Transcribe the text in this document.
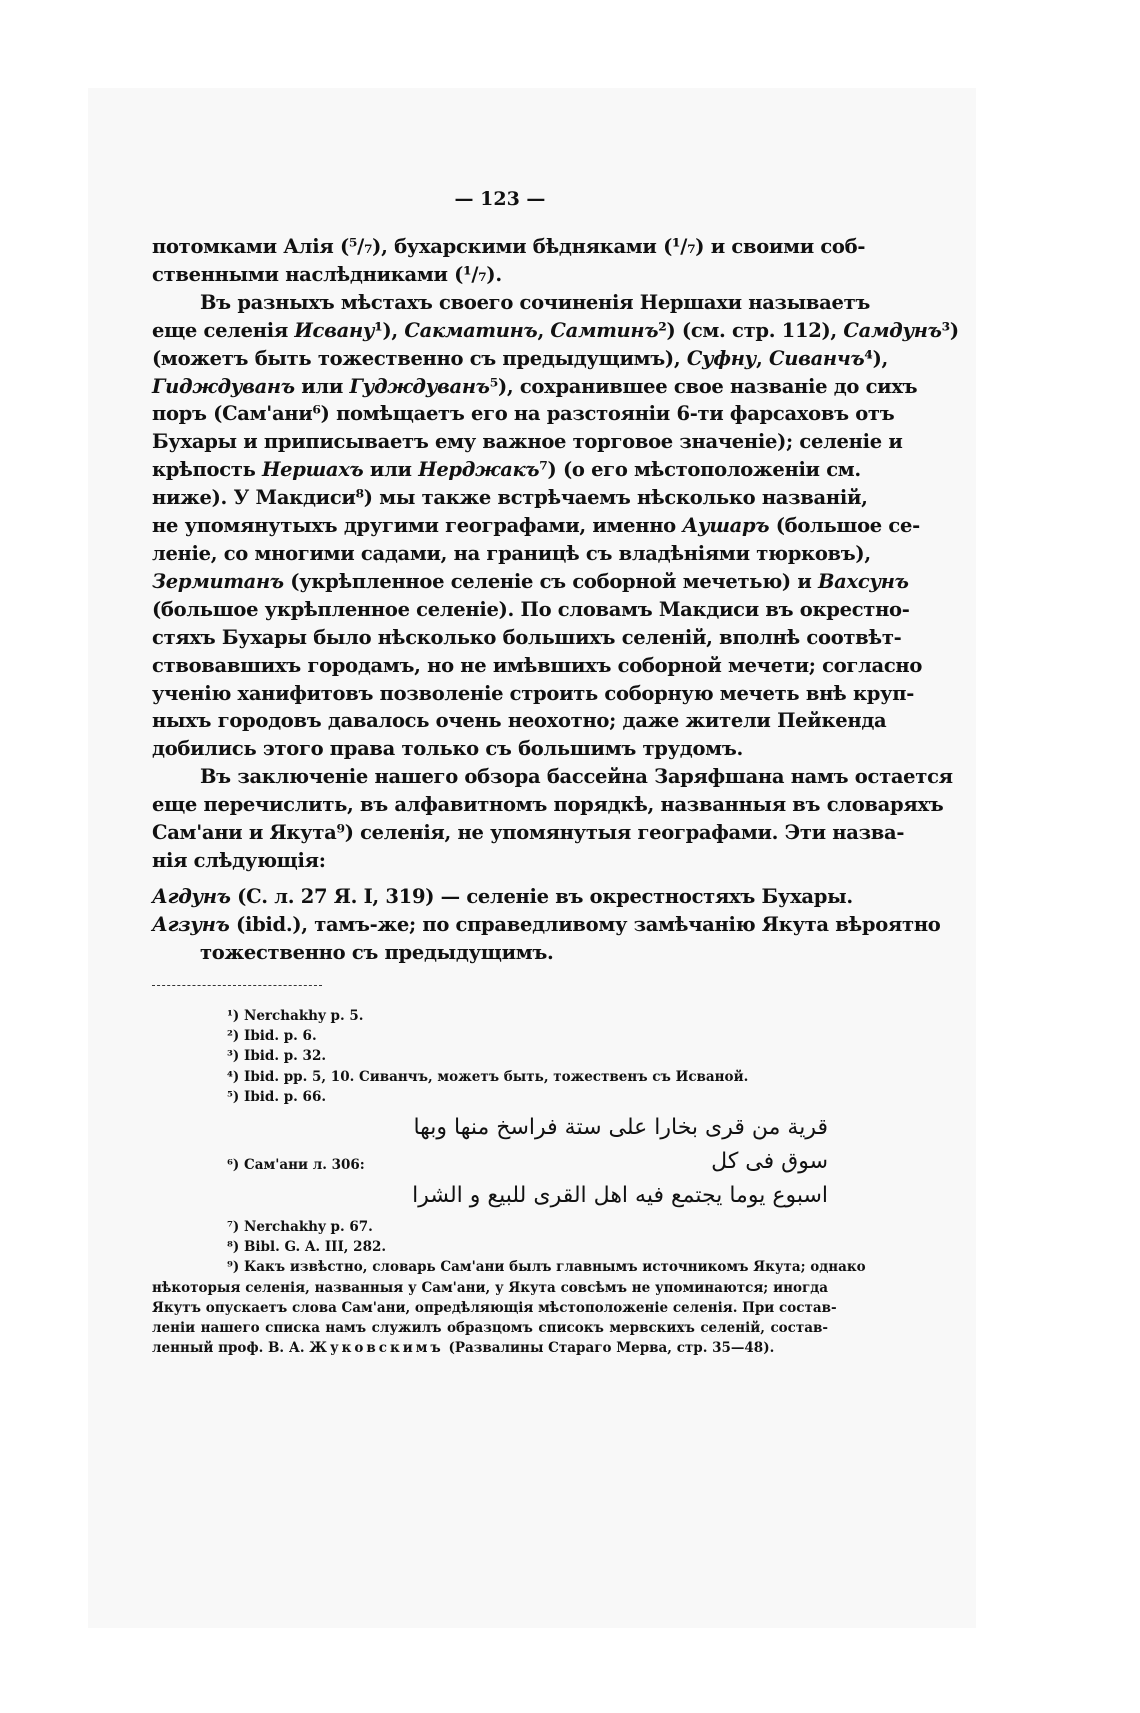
— 123 —
потомками Алія (⁵/₇), бухарскими бѣдняками (¹/₇) и своими соб-
ственными наслѣдниками (¹/₇).
Въ разныхъ мѣстахъ своего сочиненія Нершахи называетъ
еще селенія Исвану¹), Сакматинъ, Самтинъ²) (см. стр. 112), Самдунъ³)
(можетъ быть тожественно съ предыдущимъ), Суфну, Сиванчъ⁴),
Гидждуванъ или Гудждуванъ⁵), сохранившее свое названіе до сихъ
поръ (Сам'ани⁶) помѣщаетъ его на разстояніи 6-ти фарсаховъ отъ
Бухары и приписываетъ ему важное торговое значеніе); селеніе и
крѣпость Нершахъ или Нерджакъ⁷) (о его мѣстоположеніи см.
ниже). У Макдиси⁸) мы также встрѣчаемъ нѣсколько названій,
не упомянутыхъ другими географами, именно Аушаръ (большое се-
леніе, со многими садами, на границѣ съ владѣніями тюрковъ),
Зермитанъ (укрѣпленное селеніе съ соборной мечетью) и Вахсунъ
(большое укрѣпленное селеніе). По словамъ Макдиси въ окрестно-
стяхъ Бухары было нѣсколько большихъ селеній, вполнѣ соотвѣт-
ствовавшихъ городамъ, но не имѣвшихъ соборной мечети; согласно
ученію ханифитовъ позволеніе строить соборную мечеть внѣ круп-
ныхъ городовъ давалось очень неохотно; даже жители Пейкенда
добились этого права только съ большимъ трудомъ.
Въ заключеніе нашего обзора бассейна Заряфшана намъ остается
еще перечислить, въ алфавитномъ порядкѣ, названныя въ словаряхъ
Сам'ани и Якута⁹) селенія, не упомянутыя географами. Эти назва-
нія слѣдующія:
Агдунъ (С. л. 27 Я. I, 319) — селеніе въ окрестностяхъ Бухары.
Агзунъ (ibid.), тамъ-же; по справедливому замѣчанію Якута вѣроятно
тожественно съ предыдущимъ.
¹) Nerchakhy p. 5.
²) Ibid. p. 6.
³) Ibid. p. 32.
⁴) Ibid. pp. 5, 10. Сиванчъ, можетъ быть, тожественъ съ Исваной.
⁵) Ibid. p. 66.
⁶) Сам'ани л. 306:
قرية من قرى بخارا على ستة فراسخ منها وبها سوق فى كل
اسبوع يوما يجتمع فيه اهل القرى للبيع و الشرا
⁷) Nerchakhy p. 67.
⁸) Bibl. G. A. III, 282.
⁹) Какъ извѣстно, словарь Сам'ани былъ главнымъ источникомъ Якута; однако
нѣкоторыя селенія, названныя у Сам'ани, у Якута совсѣмъ не упоминаются; иногда
Якутъ опускаетъ слова Сам'ани, опредѣляющія мѣстоположеніе селенія. При состав-
леніи нашего списка намъ служилъ образцомъ списокъ мервскихъ селеній, состав-
ленный проф. В. А. Жуковскимъ (Развалины Стараго Мерва, стр. 35—48).
